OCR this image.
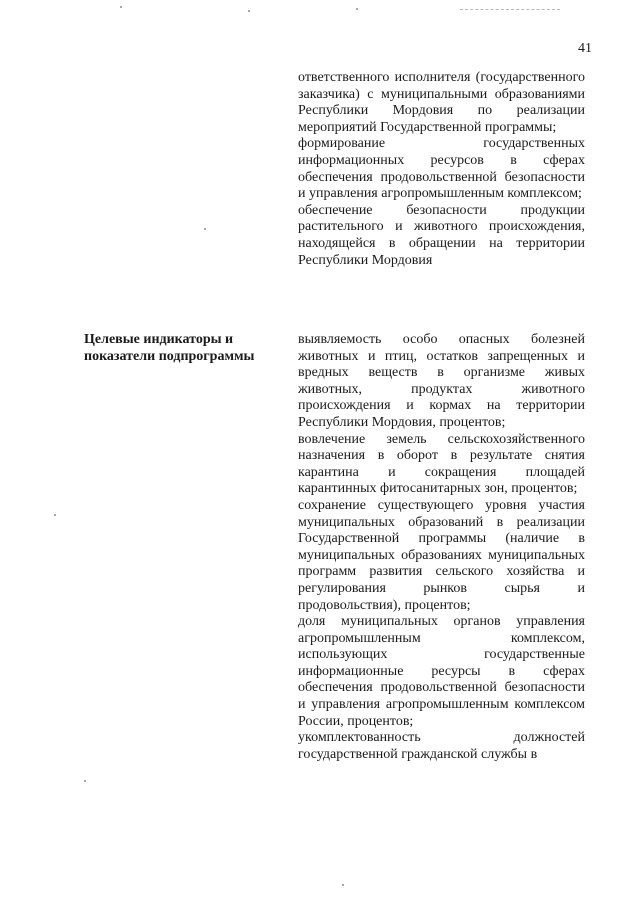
41

ответственного исполнителя (государственного заказчика) с муниципальными образованиями Республики Мордовия по реализации мероприятий Государственной программы;

формирование государственных информационных ресурсов в сферах обеспечения продовольственной безопасности и управления агропромышленным комплексом;

обеспечение безопасности продукции растительного и животного происхождения, находящейся в обращении на территории Республики Мордовия

Целевые индикаторы и показатели подпрограммы

выявляемость особо опасных болезней животных и птиц, остатков запрещенных и вредных веществ в организме живых животных, продуктах животного происхождения и кормах на территории Республики Мордовия, процентов;

вовлечение земель сельскохозяйственного назначения в оборот в результате снятия карантина и сокращения площадей карантинных фитосанитарных зон, процентов;

сохранение существующего уровня участия муниципальных образований в реализации Государственной программы (наличие в муниципальных образованиях муниципальных программ развития сельского хозяйства и регулирования рынков сырья и продовольствия), процентов;

доля муниципальных органов управления агропромышленным комплексом, использующих государственные информационные ресурсы в сферах обеспечения продовольственной безопасности и управления агропромышленным комплексом России, процентов;

укомплектованность должностей государственной гражданской службы в
